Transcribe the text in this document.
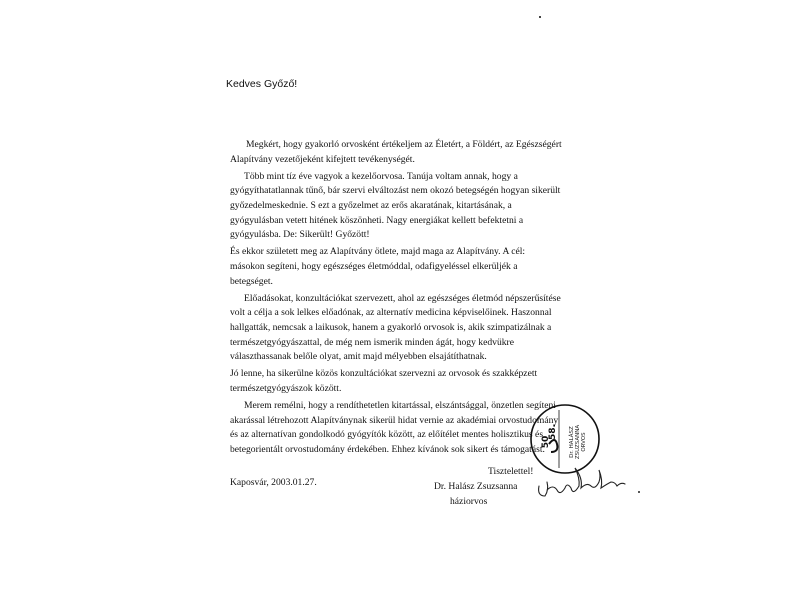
Kedves Győző!

Megkért, hogy gyakorló orvosként értékeljem az Életért, a Földért, az Egészségért Alapítvány vezetőjeként kifejtett tevékenységét.

Több mint tíz éve vagyok a kezelőorvosa. Tanúja voltam annak, hogy a gyógyíthatatlannak tűnő, bár szervi elváltozást nem okozó betegségén hogyan sikerült győzedelmeskednie. S ezt a győzelmet az erős akaratának, kitartásának, a gyógyulásban vetett hitének köszönheti. Nagy energiákat kellett befektetni a gyógyulásba. De: Sikerült! Győzött!

És ekkor született meg az Alapítvány ötlete, majd maga az Alapítvány. A cél: másokon segíteni, hogy egészséges életmóddal, odafigyeléssel elkerüljék a betegséget.

Előadásokat, konzultációkat szervezett, ahol az egészséges életmód népszerűsítése volt a célja a sok lelkes előadónak, az alternatív medicina képviselőinek. Haszonnal hallgatták, nemcsak a laikusok, hanem a gyakorló orvosok is, akik szimpatizálnak a természetgyógyászattal, de még nem ismerik minden ágát, hogy kedvükre választhassanak belőle olyat, amit majd mélyebben elsajátíthatnak.

Jó lenne, ha sikerülne közös konzultációkat szervezni az orvosok és szakképzett természetgyógyászok között.

Merem remélni, hogy a rendíthetetlen kitartással, elszántsággal, önzetlen segíteni akarással létrehozott Alapítványnak sikerül hidat vernie az akadémiai orvostudomány és az alternatívan gondolkodó gyógyítók között, az előítélet mentes holisztikus és betegorientált orvostudomány érdekében. Ehhez kívánok sok sikert és támogatást.

Kaposvár, 2003.01.27.
Tisztelettel!
Dr. Halász Zsuzsanna
háziorvos
50
58. Dr. HALÁSZ ZSUZSANNA ORVOS
